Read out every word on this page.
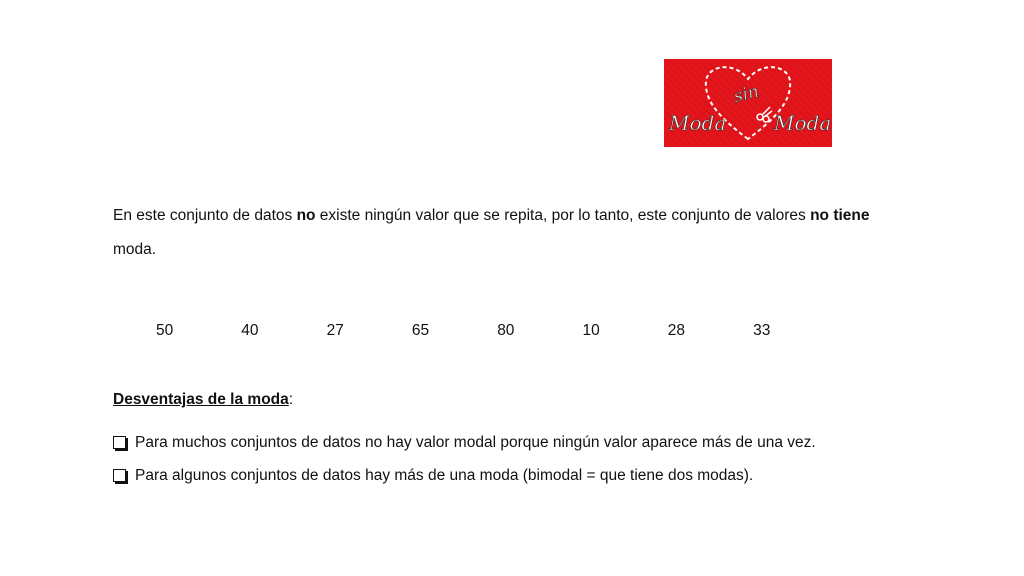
sin
Moda Moda
En este conjunto de datos no existe ningún valor que se repita, por lo tanto, este conjunto de valores no tiene moda.
50	40	27	65	80	10	28	33
Desventajas de la moda:
Para muchos conjuntos de datos no hay valor modal porque ningún valor aparece más de una vez.
Para algunos conjuntos de datos hay más de una moda (bimodal = que tiene dos modas).
